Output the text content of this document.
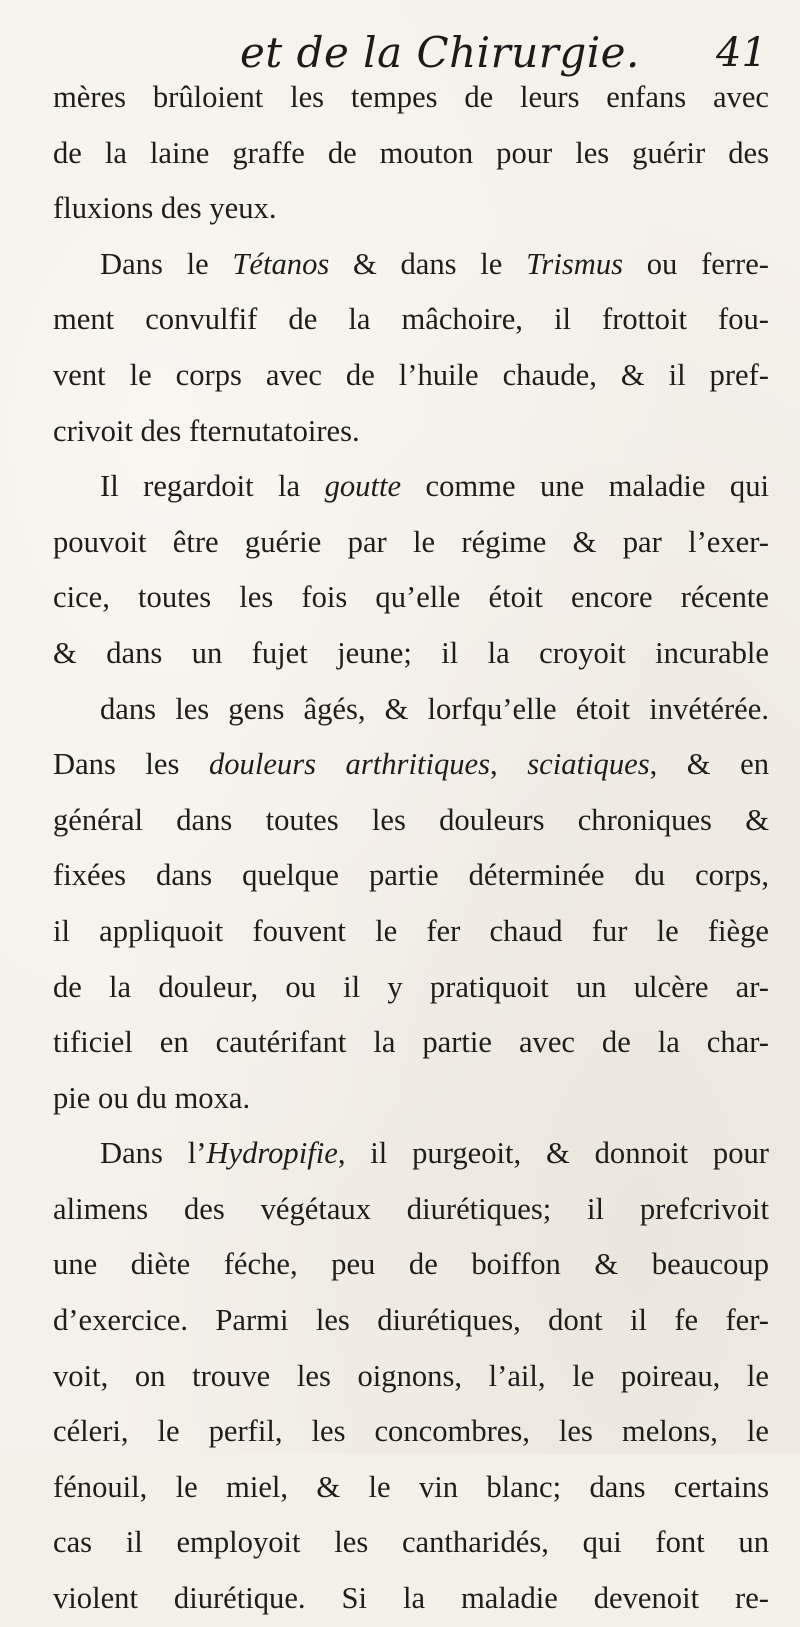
et de la Chirurgie. 41
mères brûloient les tempes de leurs enfans avec
de la laine graffe de mouton pour les guérir des
fluxions des yeux.
Dans le Tétanos & dans le Trismus ou ferre-
ment convulfif de la mâchoire, il frottoit fou-
vent le corps avec de l’huile chaude, & il pref-
crivoit des fternutatoires.
Il regardoit la goutte comme une maladie qui
pouvoit être guérie par le régime & par l’exer-
cice, toutes les fois qu’elle étoit encore récente
& dans un fujet jeune; il la croyoit incurable
dans les gens âgés, & lorfqu’elle étoit invétérée.
Dans les douleurs arthritiques, sciatiques, & en
général dans toutes les douleurs chroniques &
fixées dans quelque partie déterminée du corps,
il appliquoit fouvent le fer chaud fur le fiège
de la douleur, ou il y pratiquoit un ulcère ar-
tificiel en cautérifant la partie avec de la char-
pie ou du moxa.
Dans l’Hydropifie, il purgeoit, & donnoit pour
alimens des végétaux diurétiques; il prefcrivoit
une diète féche, peu de boiffon & beaucoup
d’exercice. Parmi les diurétiques, dont il fe fer-
voit, on trouve les oignons, l’ail, le poireau, le
céleri, le perfil, les concombres, les melons, le
fénouil, le miel, & le vin blanc; dans certains
cas il employoit les cantharidés, qui font un
violent diurétique. Si la maladie devenoit re-
